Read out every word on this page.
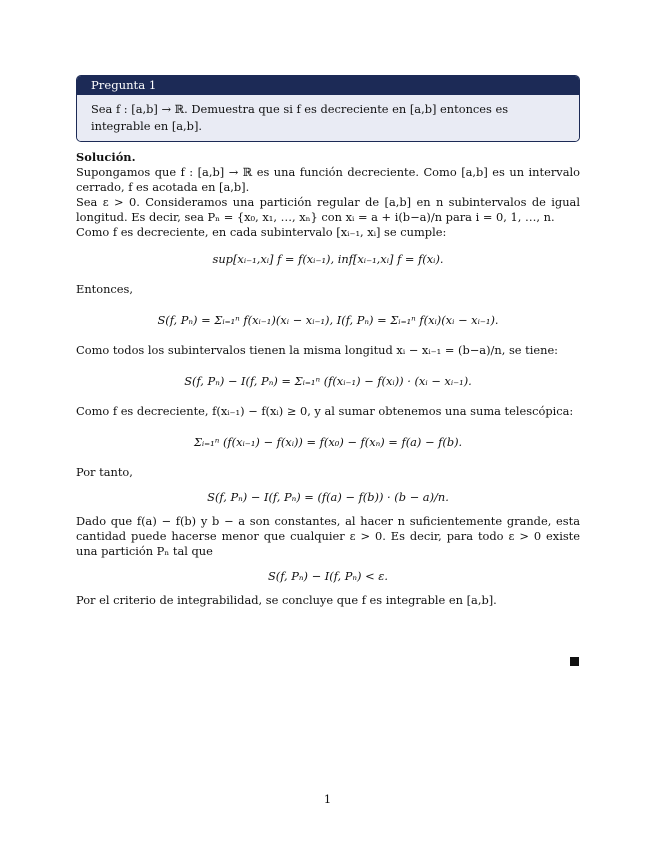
Pregunta 1
Sea f : [a,b] → ℝ. Demuestra que si f es decreciente en [a,b] entonces es integrable en [a,b].
Solución.
Supongamos que f : [a,b] → ℝ es una función decreciente. Como [a,b] es un intervalo cerrado, f es acotada en [a,b].
Sea ε > 0. Consideramos una partición regular de [a,b] en n subintervalos de igual longitud. Es decir, sea Pₙ = {x₀, x₁, …, xₙ} con xᵢ = a + i(b−a)/n para i = 0, 1, …, n.
Como f es decreciente, en cada subintervalo [xᵢ₋₁, xᵢ] se cumple:
sup[xᵢ₋₁,xᵢ] f = f(xᵢ₋₁), inf[xᵢ₋₁,xᵢ] f = f(xᵢ).
Entonces,
S(f, Pₙ) = Σᵢ₌₁ⁿ f(xᵢ₋₁)(xᵢ − xᵢ₋₁), I(f, Pₙ) = Σᵢ₌₁ⁿ f(xᵢ)(xᵢ − xᵢ₋₁).
Como todos los subintervalos tienen la misma longitud xᵢ − xᵢ₋₁ = (b−a)/n, se tiene:
S(f, Pₙ) − I(f, Pₙ) = Σᵢ₌₁ⁿ (f(xᵢ₋₁) − f(xᵢ)) · (xᵢ − xᵢ₋₁).
Como f es decreciente, f(xᵢ₋₁) − f(xᵢ) ≥ 0, y al sumar obtenemos una suma telescópica:
Σᵢ₌₁ⁿ (f(xᵢ₋₁) − f(xᵢ)) = f(x₀) − f(xₙ) = f(a) − f(b).
Por tanto,
S(f, Pₙ) − I(f, Pₙ) = (f(a) − f(b)) · (b − a)/n.
Dado que f(a) − f(b) y b − a son constantes, al hacer n suficientemente grande, esta cantidad puede hacerse menor que cualquier ε > 0. Es decir, para todo ε > 0 existe una partición Pₙ tal que
S(f, Pₙ) − I(f, Pₙ) < ε.
Por el criterio de integrabilidad, se concluye que f es integrable en [a,b].
1
